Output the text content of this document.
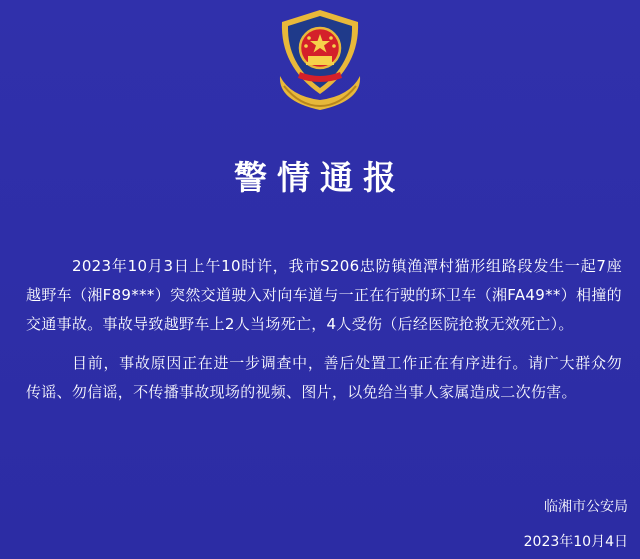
警情通报
2023年10月3日上午10时许，我市S206忠防镇渔潭村猫形组路段发生一起7座越野车（湘F89***）突然交道驶入对向车道与一正在行驶的环卫车（湘FA49**）相撞的交通事故。事故导致越野车上2人当场死亡，4人受伤（后经医院抢救无效死亡）。
目前，事故原因正在进一步调查中，善后处置工作正在有序进行。请广大群众勿传谣、勿信谣，不传播事故现场的视频、图片，以免给当事人家属造成二次伤害。
临湘市公安局
2023年10月4日
